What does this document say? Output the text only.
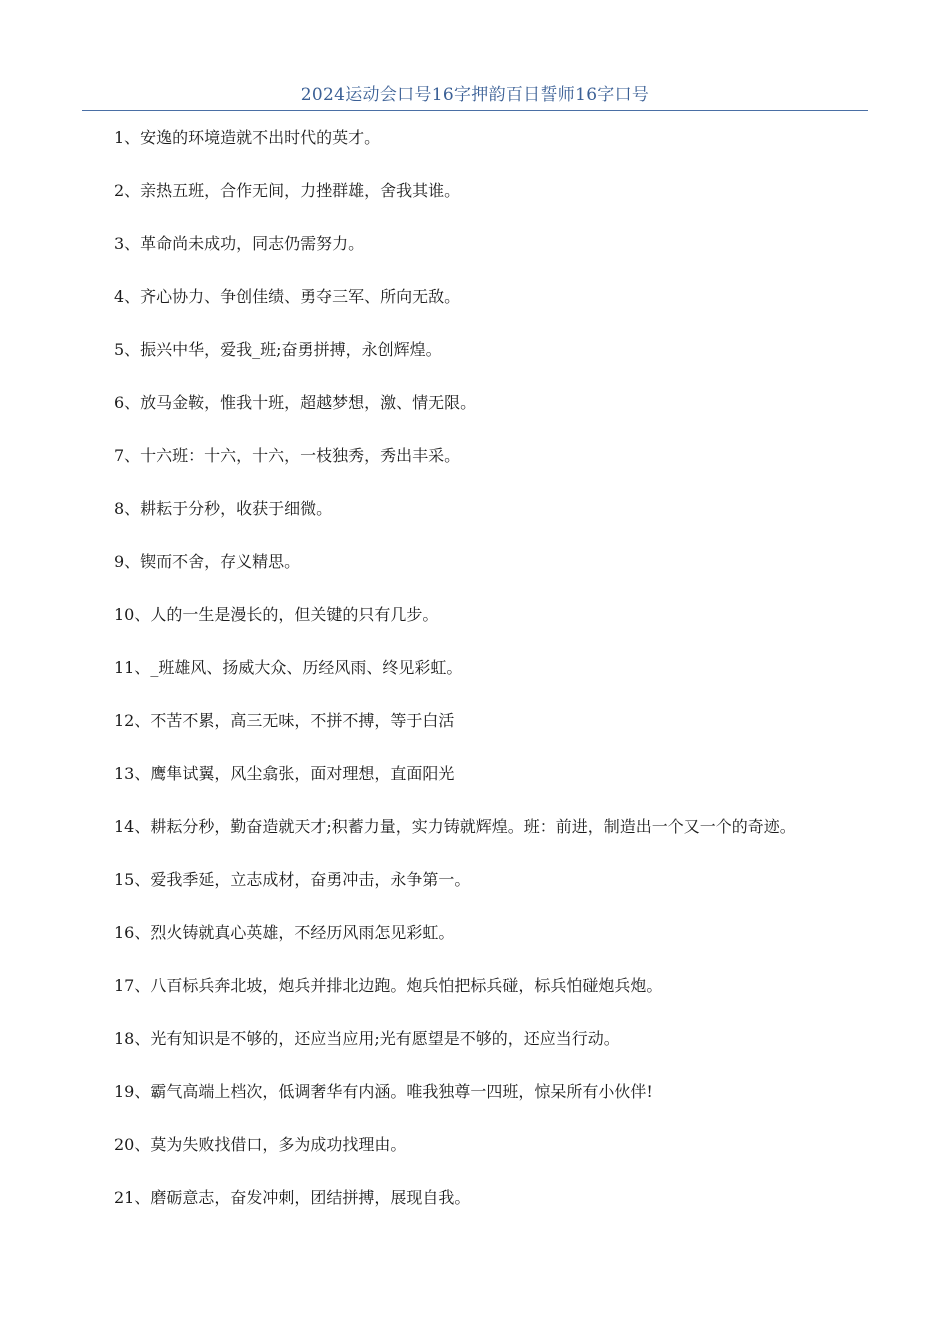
2024运动会口号16字押韵百日誓师16字口号

1、安逸的环境造就不出时代的英才。

2、亲热五班，合作无间，力挫群雄，舍我其谁。

3、革命尚未成功，同志仍需努力。

4、齐心协力、争创佳绩、勇夺三军、所向无敌。

5、振兴中华，爱我_班;奋勇拼搏，永创辉煌。

6、放马金鞍，惟我十班，超越梦想，激、情无限。

7、十六班：十六，十六，一枝独秀，秀出丰采。

8、耕耘于分秒，收获于细微。

9、锲而不舍，存义精思。

10、人的一生是漫长的，但关键的只有几步。

11、_班雄风、扬威大众、历经风雨、终见彩虹。

12、不苦不累，高三无味，不拼不搏，等于白活

13、鹰隼试翼，风尘翕张，面对理想，直面阳光

14、耕耘分秒，勤奋造就天才;积蓄力量，实力铸就辉煌。班：前进，制造出一个又一个的奇迹。

15、爱我季延，立志成材，奋勇冲击，永争第一。

16、烈火铸就真心英雄，不经历风雨怎见彩虹。

17、八百标兵奔北坡，炮兵并排北边跑。炮兵怕把标兵碰，标兵怕碰炮兵炮。

18、光有知识是不够的，还应当应用;光有愿望是不够的，还应当行动。

19、霸气高端上档次，低调奢华有内涵。唯我独尊一四班，惊呆所有小伙伴!

20、莫为失败找借口，多为成功找理由。

21、磨砺意志，奋发冲刺，团结拼搏，展现自我。
